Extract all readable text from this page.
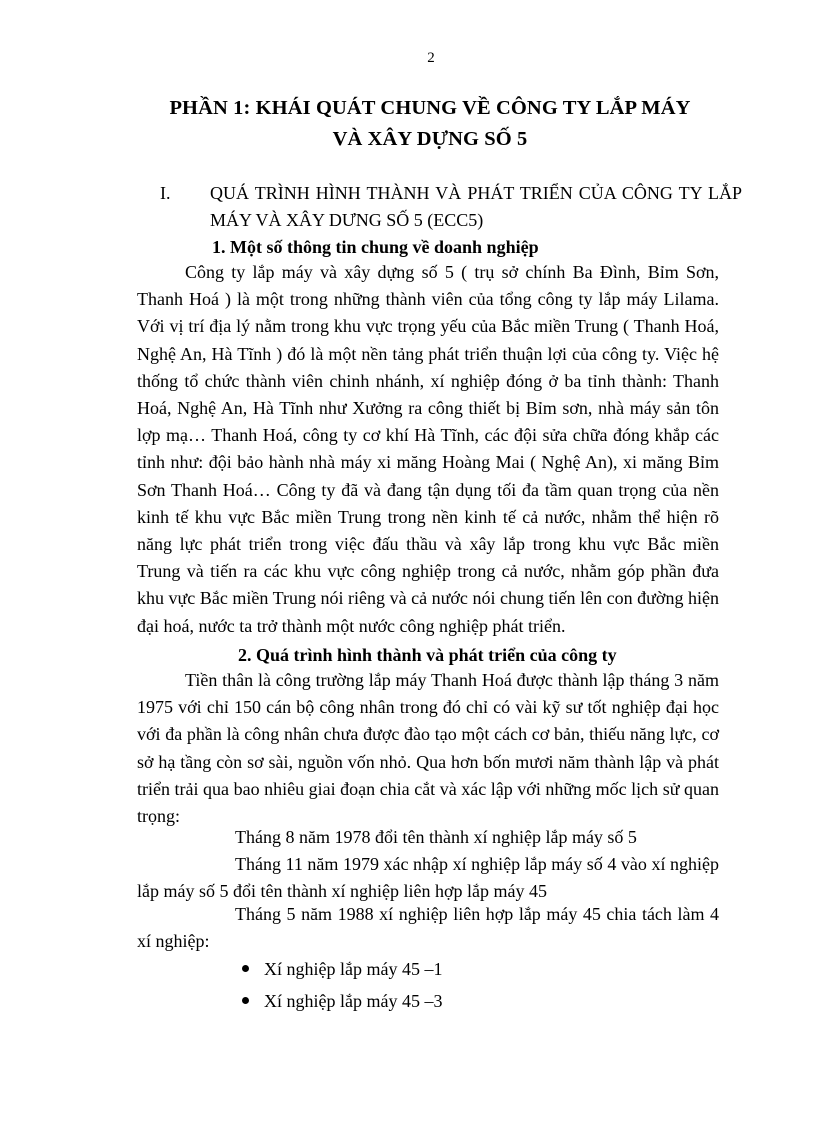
2
PHẦN 1: KHÁI QUÁT CHUNG VỀ CÔNG TY LẮP MÁY
VÀ XÂY DỰNG SỐ 5
I. QUÁ TRÌNH HÌNH THÀNH VÀ PHÁT TRIỂN CỦA CÔNG TY LẮP MÁY VÀ XÂY DƯNG SỐ 5 (ECC5)
1. Một số thông tin chung về doanh nghiệp

Công ty lắp máy và xây dựng số 5 ( trụ sở chính Ba Đình, Bỉm Sơn, Thanh Hoá ) là một trong những thành viên của tổng công ty lắp máy Lilama. Với vị trí địa lý nằm trong khu vực trọng yếu của Bắc miền Trung ( Thanh Hoá, Nghệ An, Hà Tĩnh ) đó là một nền tảng phát triển thuận lợi của công ty. Việc hệ thống tổ chức thành viên chinh nhánh, xí nghiệp đóng ở ba tỉnh thành: Thanh Hoá, Nghệ An, Hà Tĩnh như Xưởng ra công thiết bị Bỉm sơn, nhà máy sản tôn lợp mạ… Thanh Hoá, công ty cơ khí Hà Tĩnh, các đội sửa chữa đóng khắp các tỉnh như: đội bảo hành nhà máy xi măng Hoàng Mai ( Nghệ An), xi măng Bỉm Sơn Thanh Hoá… Công ty đã và đang tận dụng tối đa tầm quan trọng của nền kinh tế khu vực Bắc miền Trung trong nền kinh tế cả nước, nhằm thể hiện rõ năng lực phát triển trong việc đấu thầu và xây lắp trong khu vực Bắc miền Trung và tiến ra các khu vực công nghiệp trong cả nước, nhằm góp phần đưa khu vực Bắc miền Trung nói riêng và cả nước nói chung tiến lên con đường hiện đại hoá, nước ta trở thành một nước công nghiệp phát triển.

2. Quá trình hình thành và phát triển của công ty

Tiền thân là công trường lắp máy Thanh Hoá được thành lập tháng 3 năm 1975 với chỉ 150 cán bộ công nhân trong đó chỉ có vài kỹ sư tốt nghiệp đại học với đa phần là công nhân chưa được đào tạo một cách cơ bản, thiếu năng lực, cơ sở hạ tầng còn sơ sài, nguồn vốn nhỏ. Qua hơn bốn mươi năm thành lập và phát triển trải qua bao nhiêu giai đoạn chia cắt và xác lập với những mốc lịch sử quan trọng:

Tháng 8 năm 1978 đổi tên thành xí nghiệp lắp máy số 5

Tháng 11 năm 1979 xác nhập xí nghiệp lắp máy số 4 vào xí nghiệp lắp máy số 5 đổi tên thành xí nghiệp liên hợp lắp máy 45

Tháng 5 năm 1988 xí nghiệp liên hợp lắp máy 45 chia tách làm 4 xí nghiệp:

Xí nghiệp lắp máy 45 –1
Xí nghiệp lắp máy 45 –3
